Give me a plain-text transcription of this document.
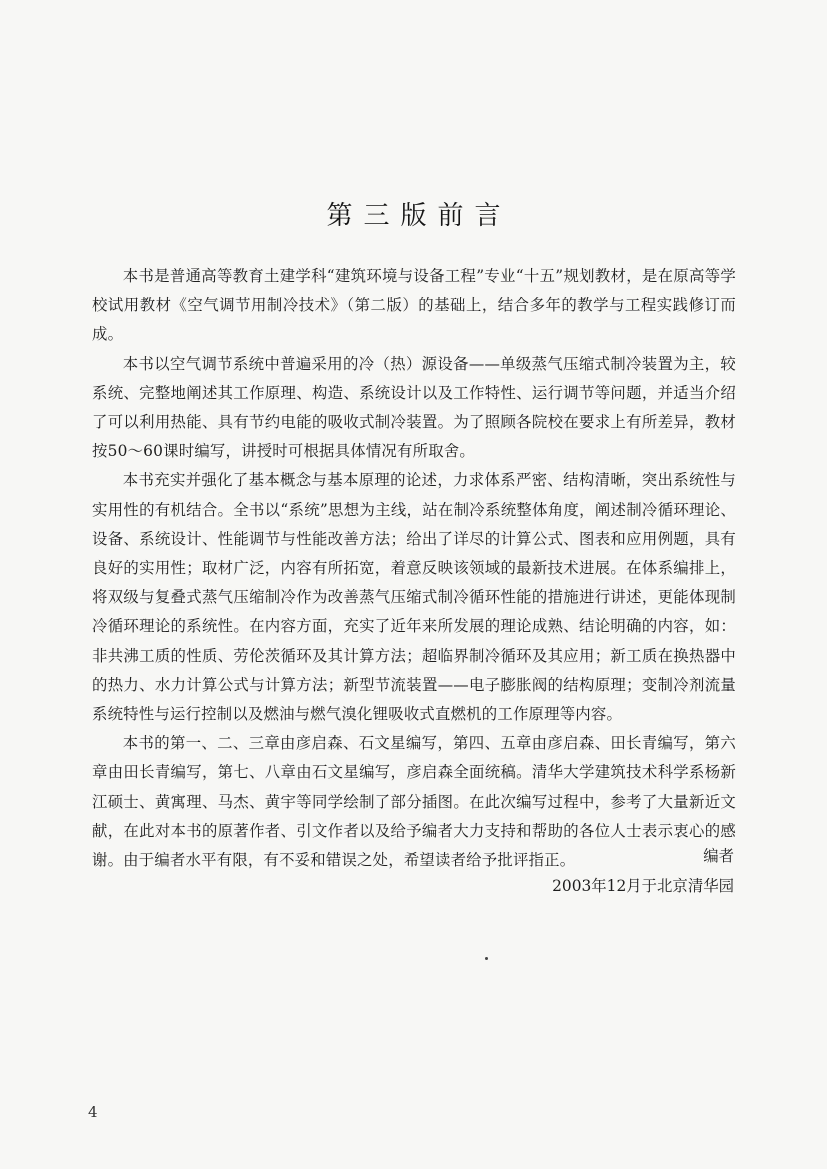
第三版前言

本书是普通高等教育土建学科“建筑环境与设备工程”专业“十五”规划教材，是在原高等学校试用教材《空气调节用制冷技术》（第二版）的基础上，结合多年的教学与工程实践修订而成。

本书以空气调节系统中普遍采用的冷（热）源设备——单级蒸气压缩式制冷装置为主，较系统、完整地阐述其工作原理、构造、系统设计以及工作特性、运行调节等问题，并适当介绍了可以利用热能、具有节约电能的吸收式制冷装置。为了照顾各院校在要求上有所差异，教材按50～60课时编写，讲授时可根据具体情况有所取舍。

本书充实并强化了基本概念与基本原理的论述，力求体系严密、结构清晰，突出系统性与实用性的有机结合。全书以“系统”思想为主线，站在制冷系统整体角度，阐述制冷循环理论、设备、系统设计、性能调节与性能改善方法；给出了详尽的计算公式、图表和应用例题，具有良好的实用性；取材广泛，内容有所拓宽，着意反映该领域的最新技术进展。在体系编排上，将双级与复叠式蒸气压缩制冷作为改善蒸气压缩式制冷循环性能的措施进行讲述，更能体现制冷循环理论的系统性。在内容方面，充实了近年来所发展的理论成熟、结论明确的内容，如：非共沸工质的性质、劳伦茨循环及其计算方法；超临界制冷循环及其应用；新工质在换热器中的热力、水力计算公式与计算方法；新型节流装置——电子膨胀阀的结构原理；变制冷剂流量系统特性与运行控制以及燃油与燃气溴化锂吸收式直燃机的工作原理等内容。

本书的第一、二、三章由彦启森、石文星编写，第四、五章由彦启森、田长青编写，第六章由田长青编写，第七、八章由石文星编写，彦启森全面统稿。清华大学建筑技术科学系杨新江硕士、黄寓理、马杰、黄宇等同学绘制了部分插图。在此次编写过程中，参考了大量新近文献，在此对本书的原著作者、引文作者以及给予编者大力支持和帮助的各位人士表示衷心的感谢。由于编者水平有限，有不妥和错误之处，希望读者给予批评指正。	编者
2003年12月于北京清华园
4
